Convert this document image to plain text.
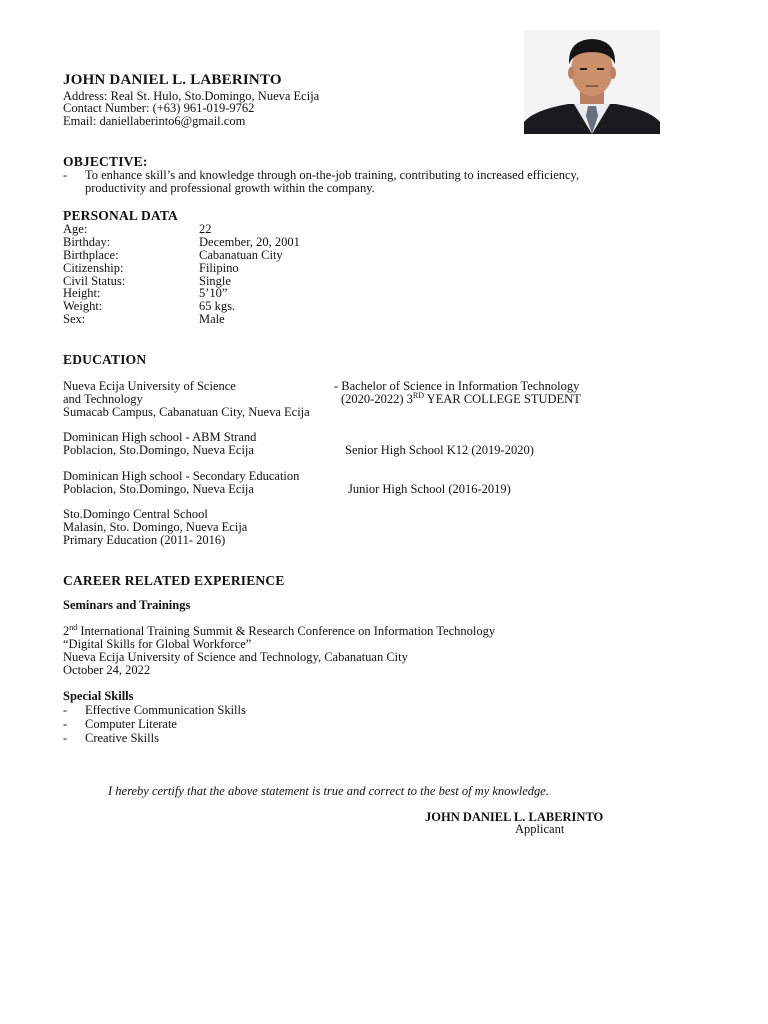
JOHN DANIEL L. LABERINTO
Address: Real St. Hulo, Sto.Domingo, Nueva Ecija
Contact Number: (+63) 961-019-9762
Email: daniellaberinto6@gmail.com
OBJECTIVE:
- To enhance skill’s and knowledge through on-the-job training, contributing to increased efficiency,
productivity and professional growth within the company.
PERSONAL DATA
Age:	22
Birthday:	December, 20, 2001
Birthplace:	Cabanatuan City
Citizenship:	Filipino
Civil Status:	Single
Height:	5’10”
Weight:	65 kgs.
Sex:	Male
EDUCATION
Nueva Ecija University of Science
and Technology
Sumacab Campus, Cabanatuan City, Nueva Ecija
- Bachelor of Science in Information Technology
(2020-2022) 3RD YEAR COLLEGE STUDENT
Dominican High school - ABM Strand
Poblacion, Sto.Domingo, Nueva Ecija	Senior High School K12 (2019-2020)
Dominican High school - Secondary Education
Poblacion, Sto.Domingo, Nueva Ecija	Junior High School (2016-2019)
Sto.Domingo Central School
Malasin, Sto. Domingo, Nueva Ecija
Primary Education (2011- 2016)
CAREER RELATED EXPERIENCE
Seminars and Trainings
2nd International Training Summit & Research Conference on Information Technology
“Digital Skills for Global Workforce”
Nueva Ecija University of Science and Technology, Cabanatuan City
October 24, 2022
Special Skills
- Effective Communication Skills
- Computer Literate
- Creative Skills
I hereby certify that the above statement is true and correct to the best of my knowledge.
JOHN DANIEL L. LABERINTO
Applicant
